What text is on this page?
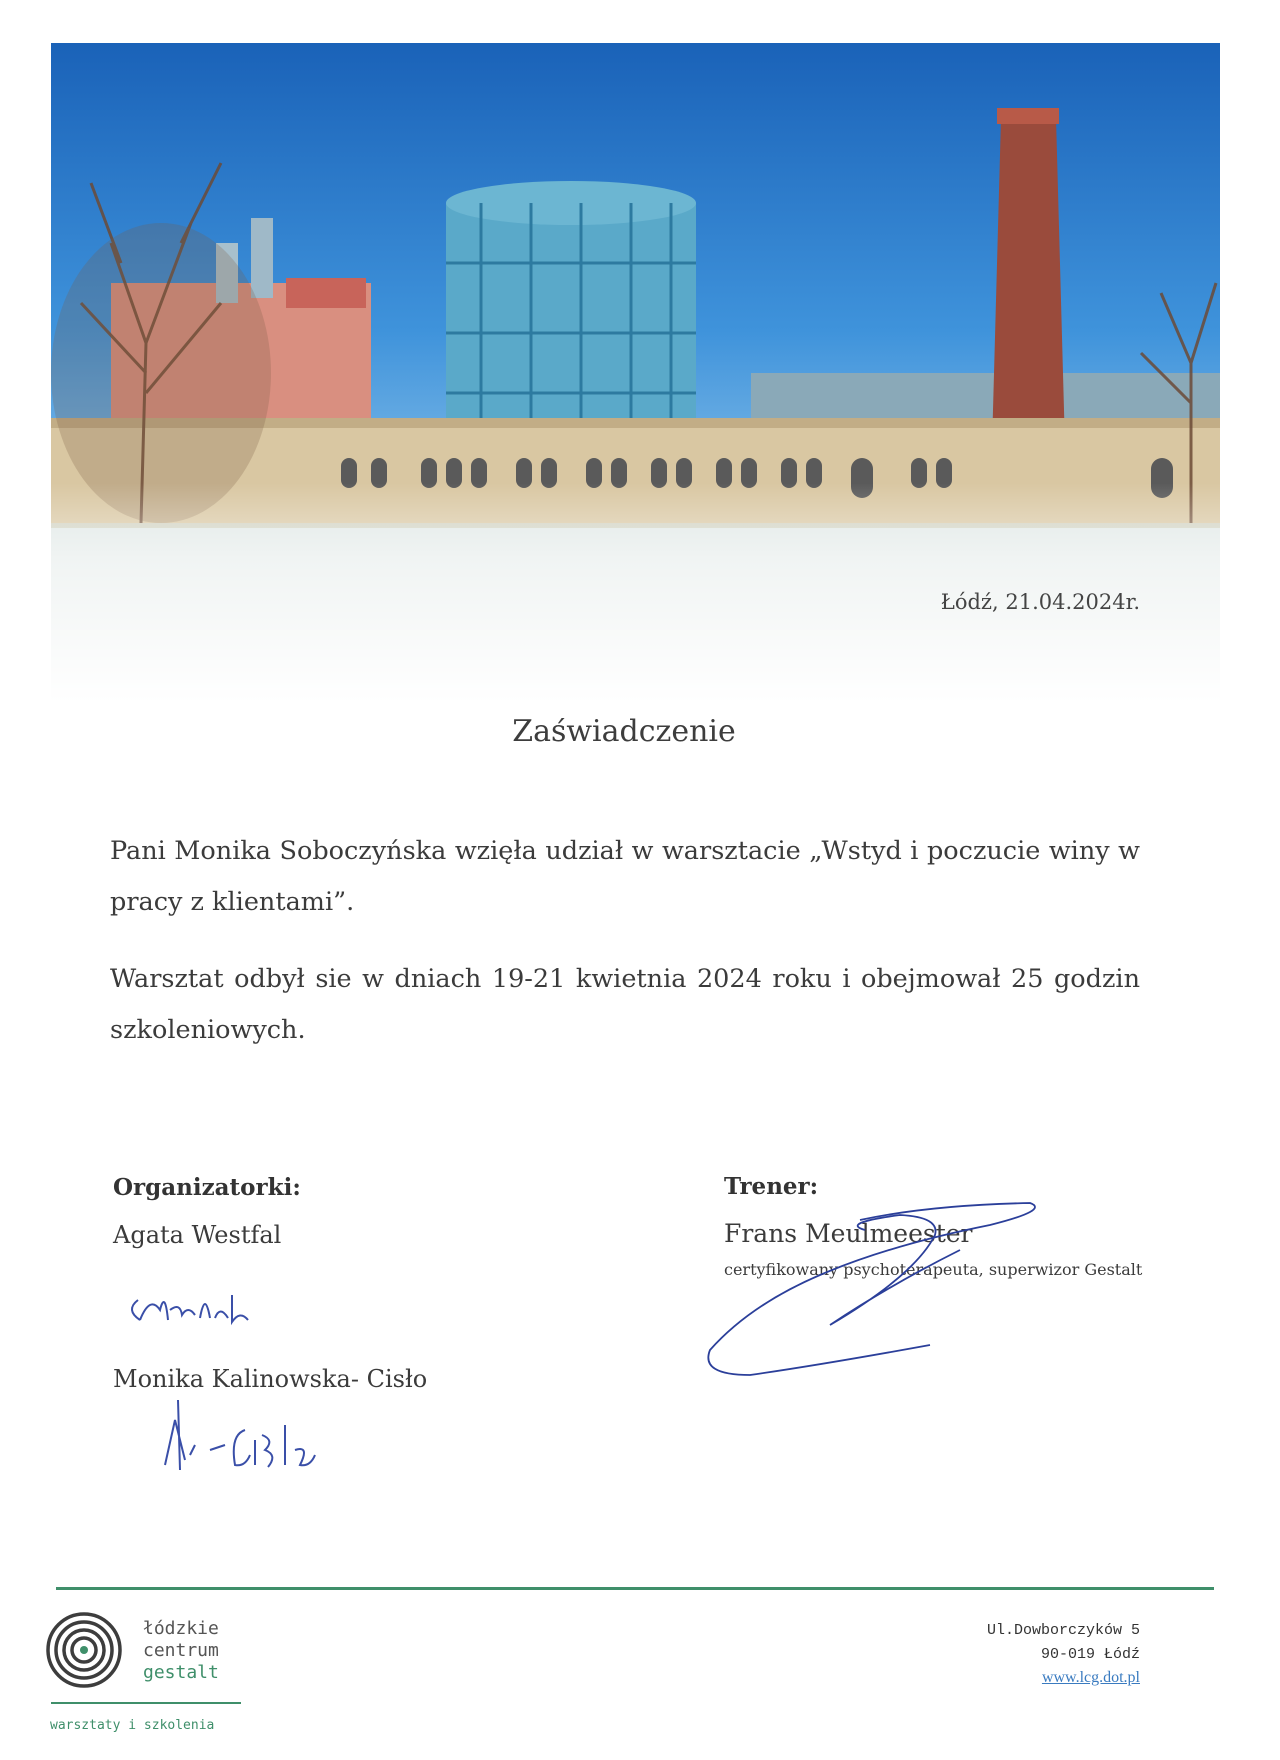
Łódź, 21.04.2024r.
Zaświadczenie
Pani Monika Soboczyńska wzięła udział w warsztacie „Wstyd i poczucie winy w pracy z klientami”.
Warsztat odbył sie w dniach 19-21 kwietnia 2024 roku i obejmował 25 godzin szkoleniowych.
Organizatorki:
Agata Westfal
Monika Kalinowska- Cisło
Trener:
Frans Meulmeester
certyfikowany psychoterapeuta, superwizor Gestalt
łódzkie
centrum
gestalt
warsztaty i szkolenia
Ul.Dowborczyków 5
90-019 Łódź
www.lcg.dot.pl
